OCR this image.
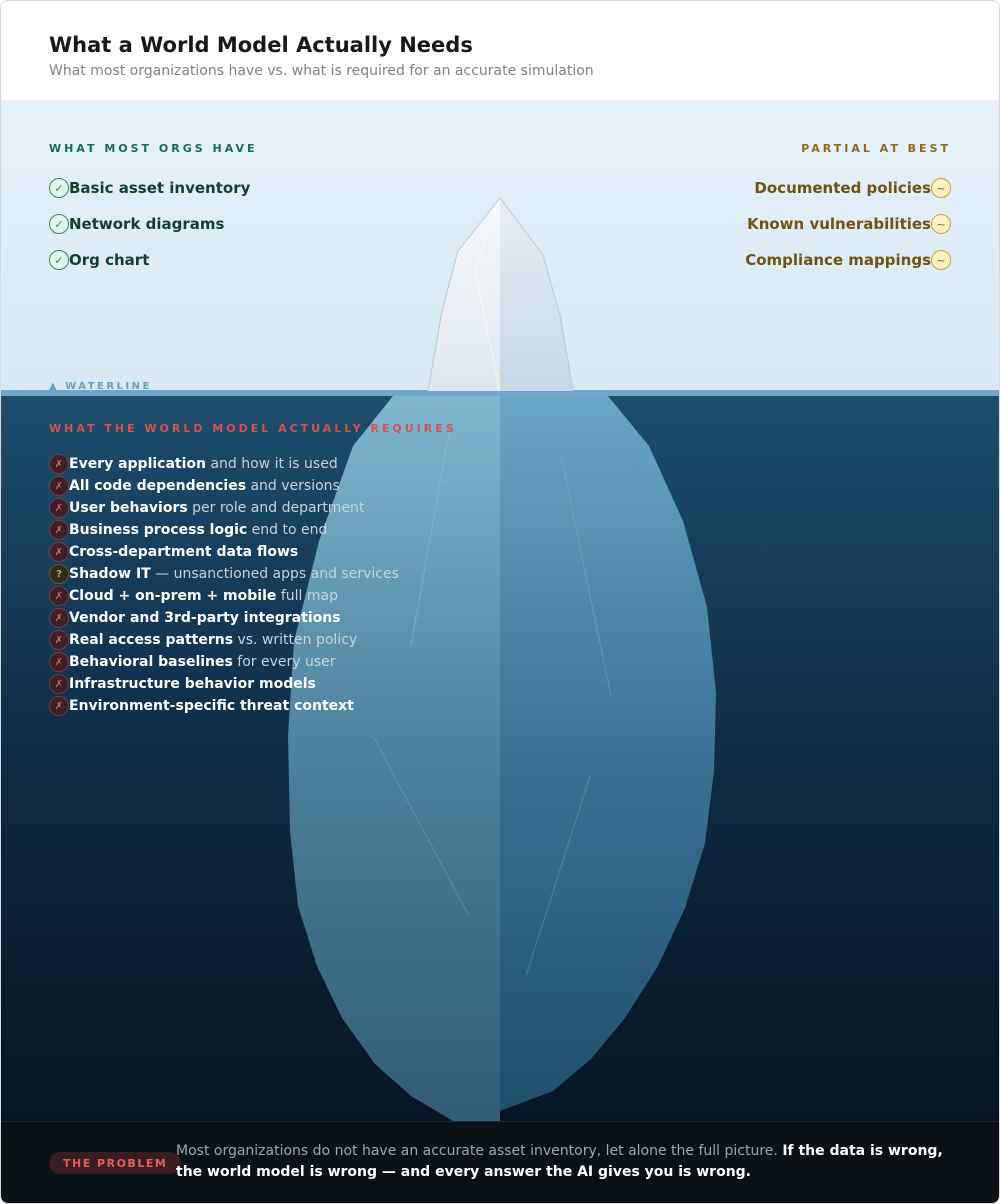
What a World Model Actually Needs

What most organizations have vs. what is required for an accurate simulation

WHAT MOST ORGS HAVE

✓ Basic asset inventory
✓ Network diagrams
✓ Org chart

PARTIAL AT BEST

Documented policies ~
Known vulnerabilities ~
Compliance mappings ~

▲ WATERLINE

WHAT THE WORLD MODEL ACTUALLY REQUIRES

✗ Every application and how it is used
✗ All code dependencies and versions
✗ User behaviors per role and department
✗ Business process logic end to end
✗ Cross-department data flows
? Shadow IT — unsanctioned apps and services
✗ Cloud + on-prem + mobile full map
✗ Vendor and 3rd-party integrations
✗ Real access patterns vs. written policy
✗ Behavioral baselines for every user
✗ Infrastructure behavior models
✗ Environment-specific threat context
THE PROBLEM

Most organizations do not have an accurate asset inventory, let alone the full picture. If the data is wrong, the world model is wrong — and every answer the AI gives you is wrong.
